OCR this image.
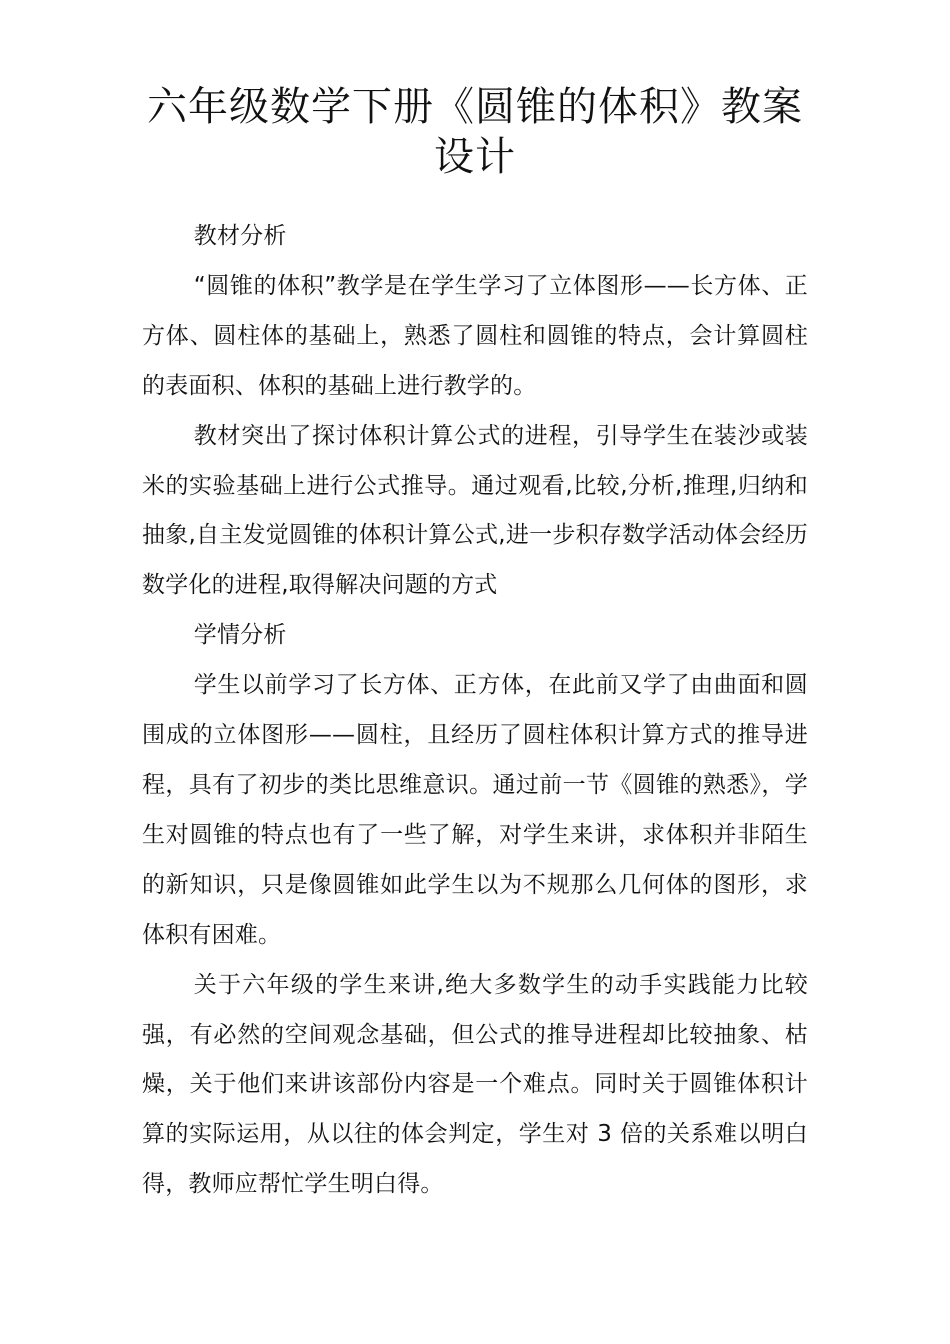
六年级数学下册《圆锥的体积》教案设计

教材分析

“圆锥的体积”教学是在学生学习了立体图形——长方体、正方体、圆柱体的基础上，熟悉了圆柱和圆锥的特点，会计算圆柱的表面积、体积的基础上进行教学的。

教材突出了探讨体积计算公式的进程，引导学生在装沙或装米的实验基础上进行公式推导。通过观看,比较,分析,推理,归纳和抽象,自主发觉圆锥的体积计算公式,进一步积存数学活动体会经历数学化的进程,取得解决问题的方式

学情分析

学生以前学习了长方体、正方体，在此前又学了由曲面和圆围成的立体图形——圆柱，且经历了圆柱体积计算方式的推导进程，具有了初步的类比思维意识。通过前一节《圆锥的熟悉》，学生对圆锥的特点也有了一些了解，对学生来讲，求体积并非陌生的新知识，只是像圆锥如此学生以为不规那么几何体的图形，求体积有困难。

关于六年级的学生来讲,绝大多数学生的动手实践能力比较强，有必然的空间观念基础，但公式的推导进程却比较抽象、枯燥，关于他们来讲该部份内容是一个难点。同时关于圆锥体积计算的实际运用，从以往的体会判定，学生对 3 倍的关系难以明白得，教师应帮忙学生明白得。
